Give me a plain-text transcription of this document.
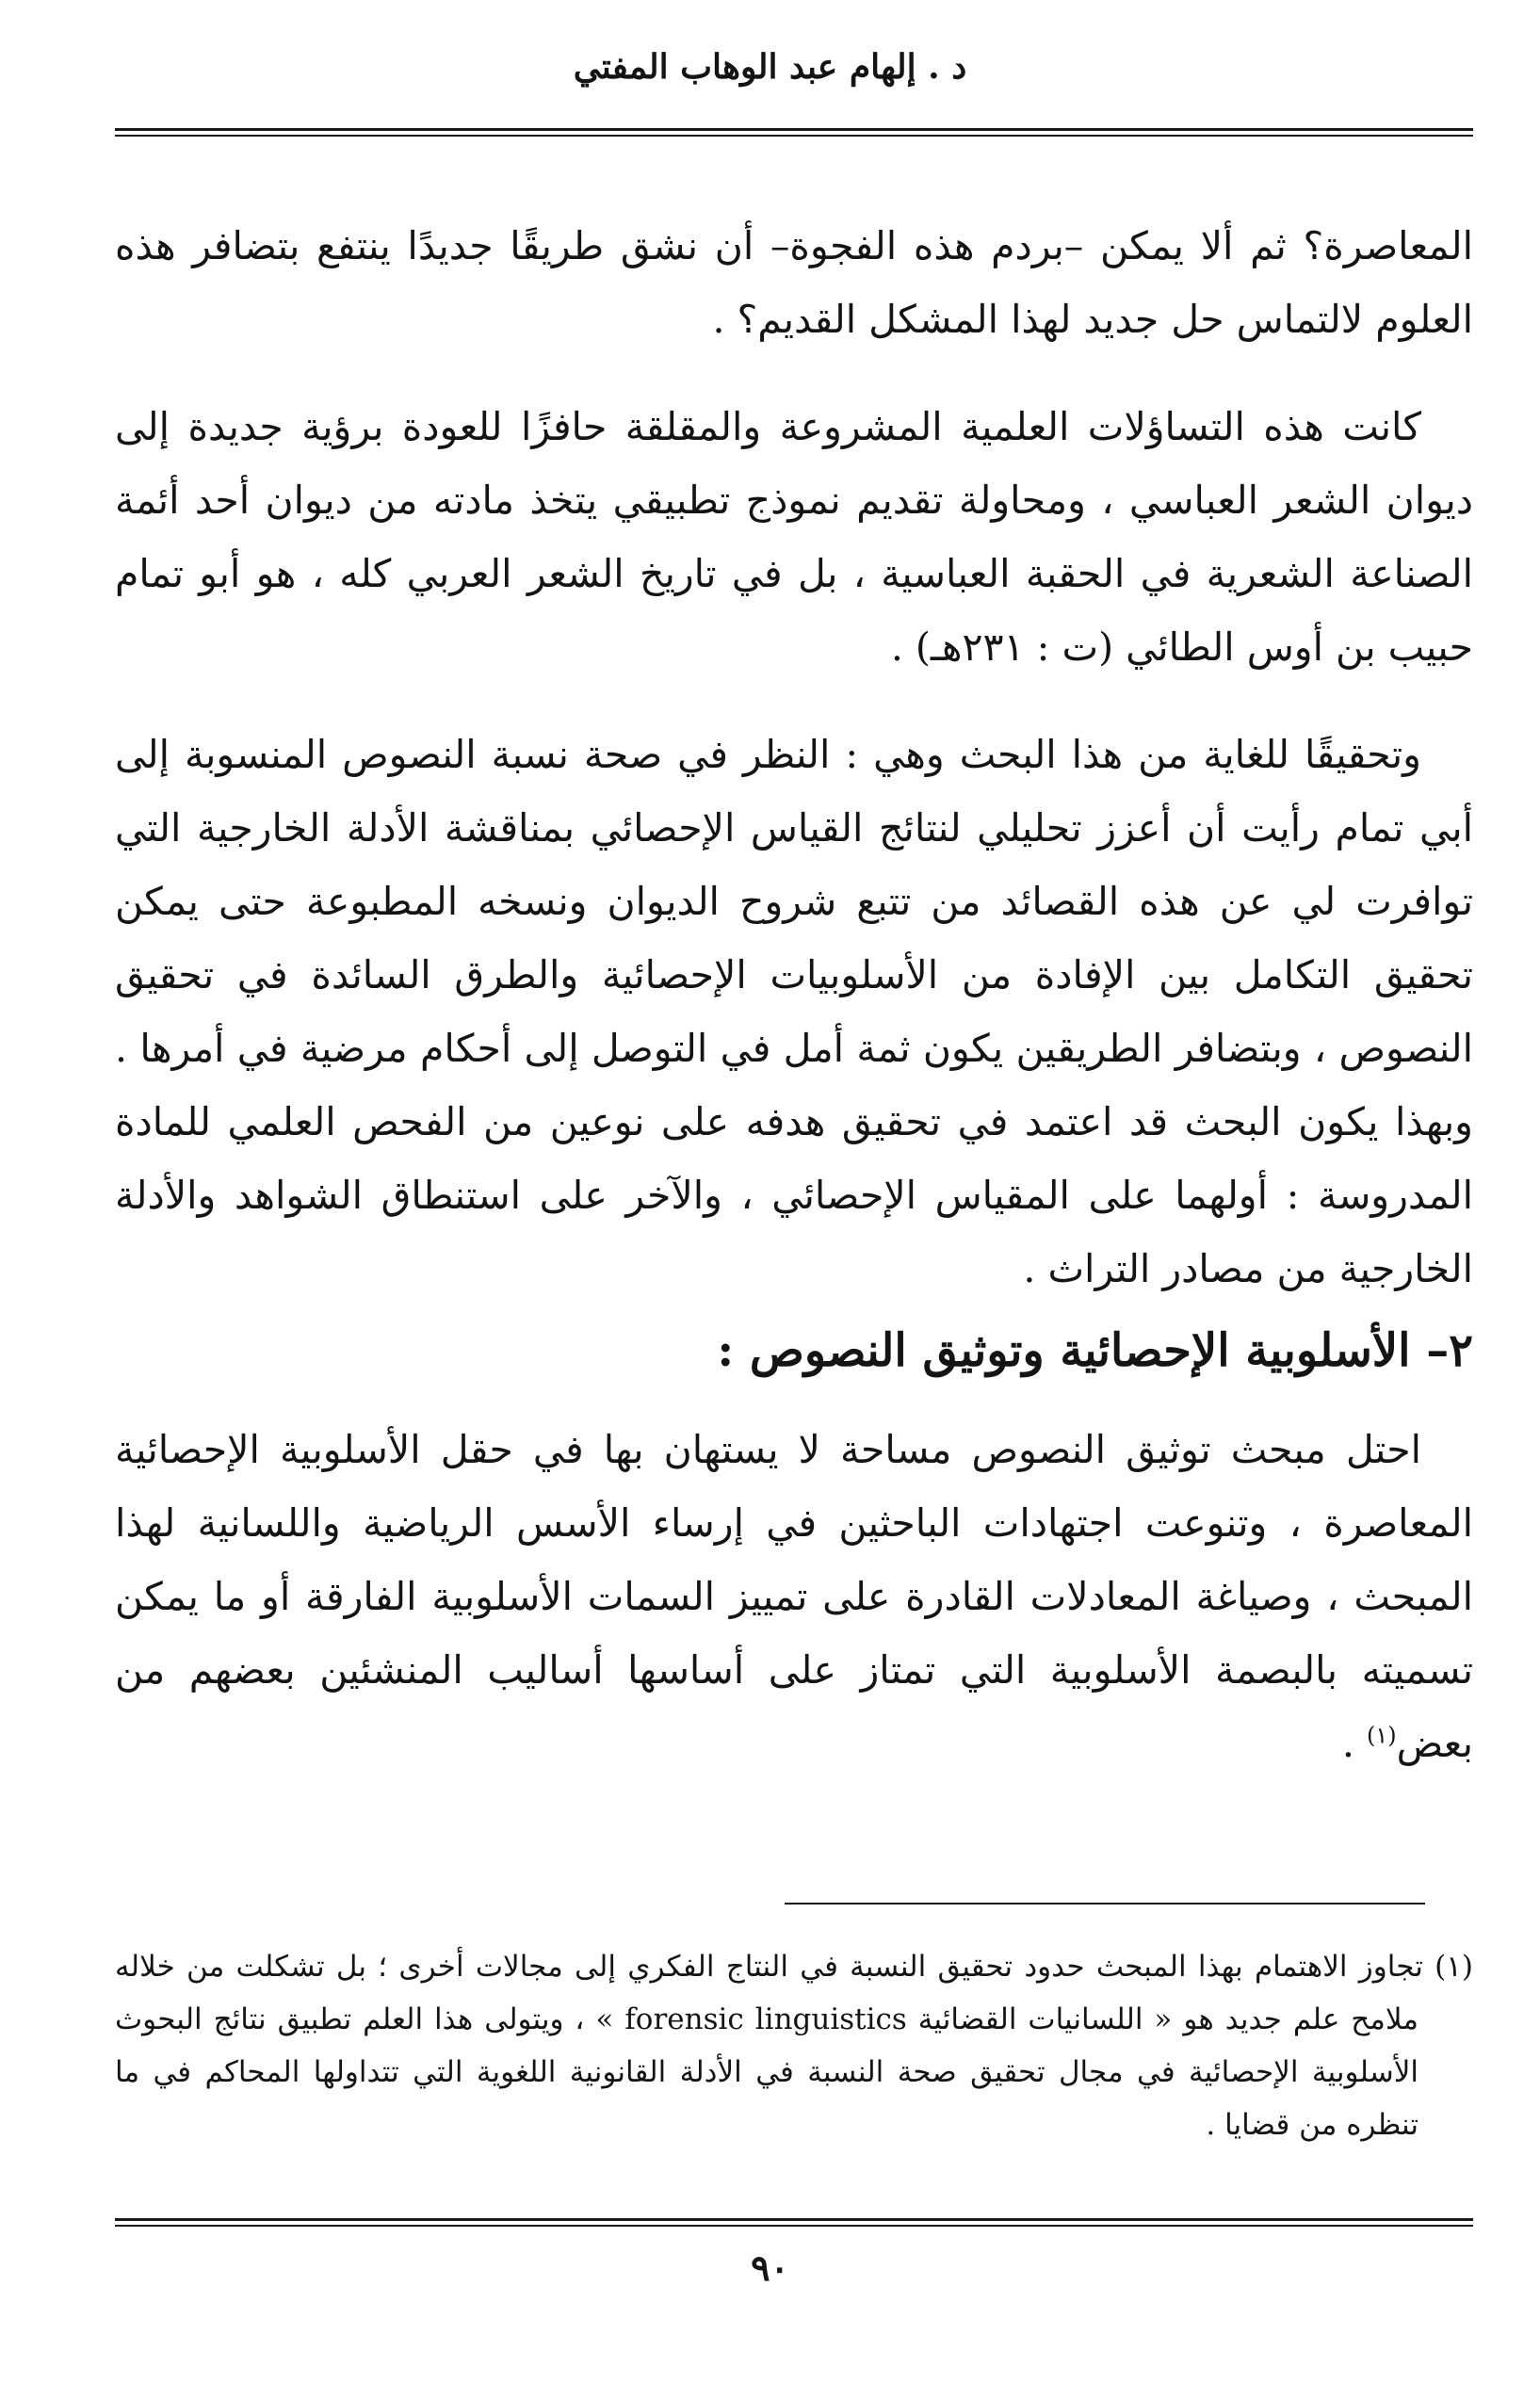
د . إلهام عبد الوهاب المفتي

المعاصرة؟ ثم ألا يمكن –بردم هذه الفجوة– أن نشق طريقًا جديدًا ينتفع بتضافر هذه العلوم لالتماس حل جديد لهذا المشكل القديم؟ .

كانت هذه التساؤلات العلمية المشروعة والمقلقة حافزًا للعودة برؤية جديدة إلى ديوان الشعر العباسي ، ومحاولة تقديم نموذج تطبيقي يتخذ مادته من ديوان أحد أئمة الصناعة الشعرية في الحقبة العباسية ، بل في تاريخ الشعر العربي كله ، هو أبو تمام حبيب بن أوس الطائي (ت : ٢٣١هـ) .

وتحقيقًا للغاية من هذا البحث وهي : النظر في صحة نسبة النصوص المنسوبة إلى أبي تمام رأيت أن أعزز تحليلي لنتائج القياس الإحصائي بمناقشة الأدلة الخارجية التي توافرت لي عن هذه القصائد من تتبع شروح الديوان ونسخه المطبوعة حتى يمكن تحقيق التكامل بين الإفادة من الأسلوبيات الإحصائية والطرق السائدة في تحقيق النصوص ، وبتضافر الطريقين يكون ثمة أمل في التوصل إلى أحكام مرضية في أمرها . وبهذا يكون البحث قد اعتمد في تحقيق هدفه على نوعين من الفحص العلمي للمادة المدروسة : أولهما على المقياس الإحصائي ، والآخر على استنطاق الشواهد والأدلة الخارجية من مصادر التراث .

٢– الأسلوبية الإحصائية وتوثيق النصوص :

احتل مبحث توثيق النصوص مساحة لا يستهان بها في حقل الأسلوبية الإحصائية المعاصرة ، وتنوعت اجتهادات الباحثين في إرساء الأسس الرياضية واللسانية لهذا المبحث ، وصياغة المعادلات القادرة على تمييز السمات الأسلوبية الفارقة أو ما يمكن تسميته بالبصمة الأسلوبية التي تمتاز على أساسها أساليب المنشئين بعضهم من بعض$^{(١)}$ .

(١) تجاوز الاهتمام بهذا المبحث حدود تحقيق النسبة في النتاج الفكري إلى مجالات أخرى ؛ بل تشكلت من خلاله ملامح علم جديد هو « اللسانيات القضائية forensic linguistics » ، ويتولى هذا العلم تطبيق نتائج البحوث الأسلوبية الإحصائية في مجال تحقيق صحة النسبة في الأدلة القانونية اللغوية التي تتداولها المحاكم في ما تنظره من قضايا .

٩٠
